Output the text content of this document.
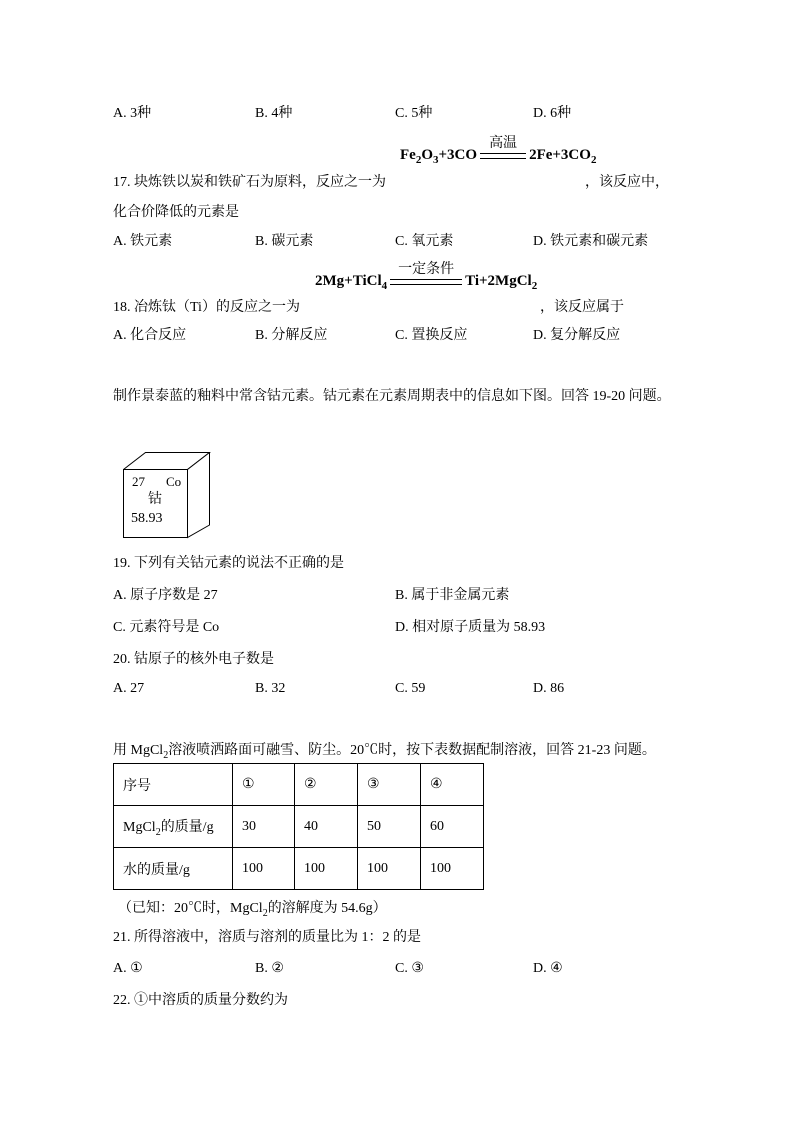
A. 3种	B. 4种	C. 5种	D. 6种
$Fe_2O_3+3CO$
高温
$2Fe+3CO_2$
17. 块炼铁以炭和铁矿石为原料，反应之一为	，该反应中，
化合价降低的元素是
A. 铁元素	B. 碳元素	C. 氧元素	D. 铁元素和碳元素
2Mg+TiCl$_4$
一定条件
Ti+2MgCl$_2$
18. 冶炼钛（Ti）的反应之一为	，该反应属于
A. 化合反应	B. 分解反应	C. 置换反应	D. 复分解反应
制作景泰蓝的釉料中常含钴元素。钴元素在元素周期表中的信息如下图。回答 19-20 问题。
27 Co
钴
58.93
19. 下列有关钴元素的说法不正确的是
A. 原子序数是 27	B. 属于非金属元素
C. 元素符号是 Co	D. 相对原子质量为 58.93
20. 钴原子的核外电子数是
A. 27	B. 32	C. 59	D. 86
用 MgCl$_2$溶液喷洒路面可融雪、防尘。20℃时，按下表数据配制溶液，回答 21-23 问题。
序号	①	②	③	④
MgCl$_2$的质量/g	30	40	50	60
水的质量/g	100	100	100	100
（已知：20℃时，MgCl$_2$的溶解度为 54.6g）
21. 所得溶液中，溶质与溶剂的质量比为 1：2 的是
A. ①	B. ②	C. ③	D. ④
22. ①中溶质的质量分数约为
